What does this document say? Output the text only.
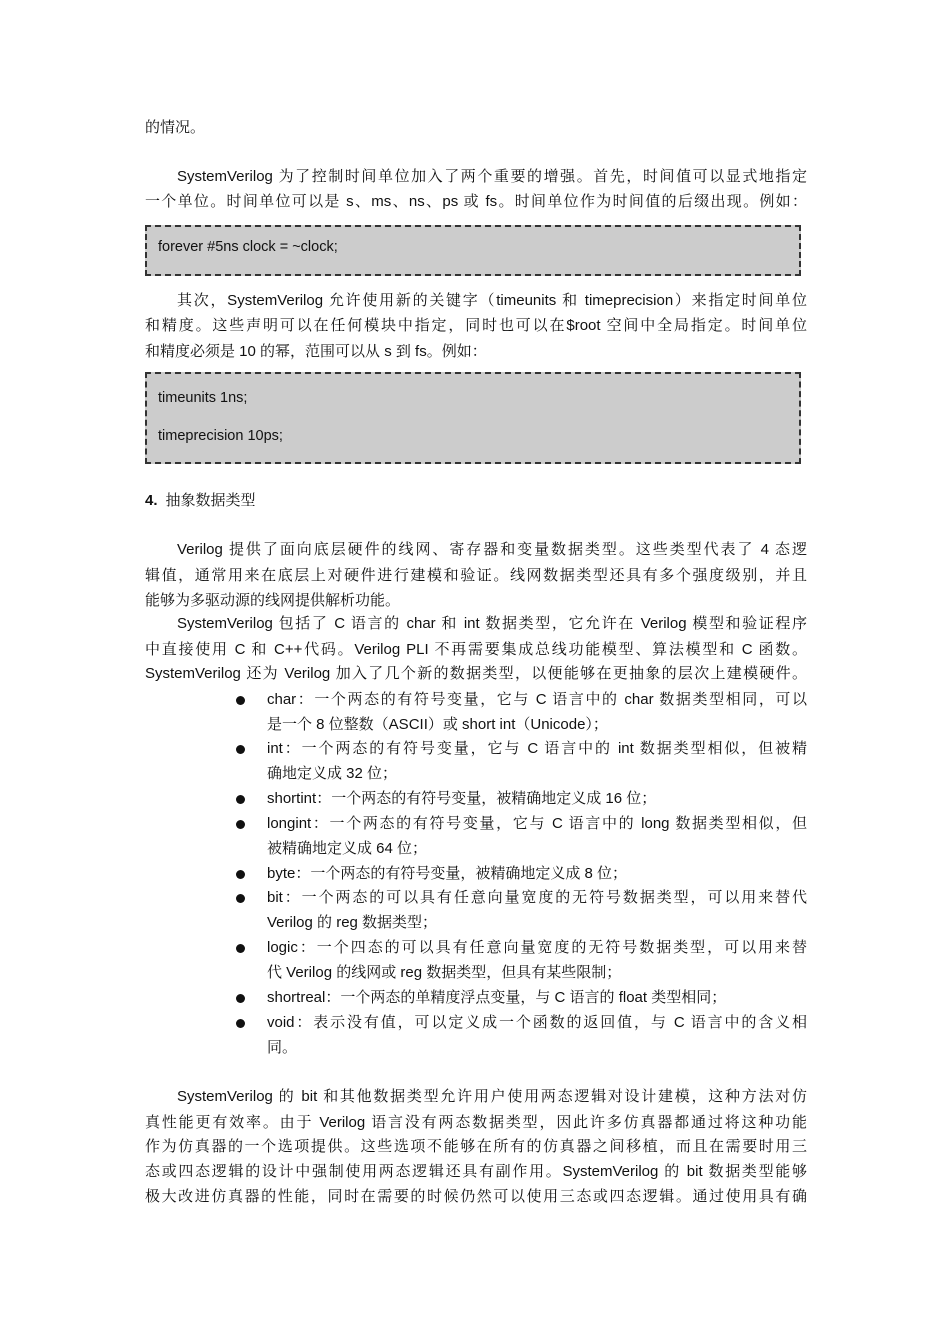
的情况。
SystemVerilog 为了控制时间单位加入了两个重要的增强。首先，时间值可以显式地指定
一个单位。时间单位可以是 s、ms、ns、ps 或 fs。时间单位作为时间值的后缀出现。例如：
forever #5ns clock = ~clock;
其次，SystemVerilog 允许使用新的关键字（timeunits 和 timeprecision）来指定时间单位
和精度。这些声明可以在任何模块中指定，同时也可以在$root 空间中全局指定。时间单位
和精度必须是 10 的幂，范围可以从 s 到 fs。例如：
timeunits 1ns;
timeprecision 10ps;
4. 抽象数据类型
Verilog 提供了面向底层硬件的线网、寄存器和变量数据类型。这些类型代表了 4 态逻
辑值，通常用来在底层上对硬件进行建模和验证。线网数据类型还具有多个强度级别，并且
能够为多驱动源的线网提供解析功能。
SystemVerilog 包括了 C 语言的 char 和 int 数据类型，它允许在 Verilog 模型和验证程序
中直接使用 C 和 C++代码。Verilog PLI 不再需要集成总线功能模型、算法模型和 C 函数。
SystemVerilog 还为 Verilog 加入了几个新的数据类型，以便能够在更抽象的层次上建模硬件。
char：一个两态的有符号变量，它与 C 语言中的 char 数据类型相同，可以
是一个 8 位整数（ASCII）或 short int（Unicode）；
int：一个两态的有符号变量，它与 C 语言中的 int 数据类型相似，但被精
确地定义成 32 位；
shortint：一个两态的有符号变量，被精确地定义成 16 位；
longint：一个两态的有符号变量，它与 C 语言中的 long 数据类型相似，但
被精确地定义成 64 位；
byte：一个两态的有符号变量，被精确地定义成 8 位；
bit：一个两态的可以具有任意向量宽度的无符号数据类型，可以用来替代
Verilog 的 reg 数据类型；
logic：一个四态的可以具有任意向量宽度的无符号数据类型，可以用来替
代 Verilog 的线网或 reg 数据类型，但具有某些限制；
shortreal：一个两态的单精度浮点变量，与 C 语言的 float 类型相同；
void：表示没有值，可以定义成一个函数的返回值，与 C 语言中的含义相
同。
SystemVerilog 的 bit 和其他数据类型允许用户使用两态逻辑对设计建模，这种方法对仿
真性能更有效率。由于 Verilog 语言没有两态数据类型，因此许多仿真器都通过将这种功能
作为仿真器的一个选项提供。这些选项不能够在所有的仿真器之间移植，而且在需要时用三
态或四态逻辑的设计中强制使用两态逻辑还具有副作用。SystemVerilog 的 bit 数据类型能够
极大改进仿真器的性能，同时在需要的时候仍然可以使用三态或四态逻辑。通过使用具有确
